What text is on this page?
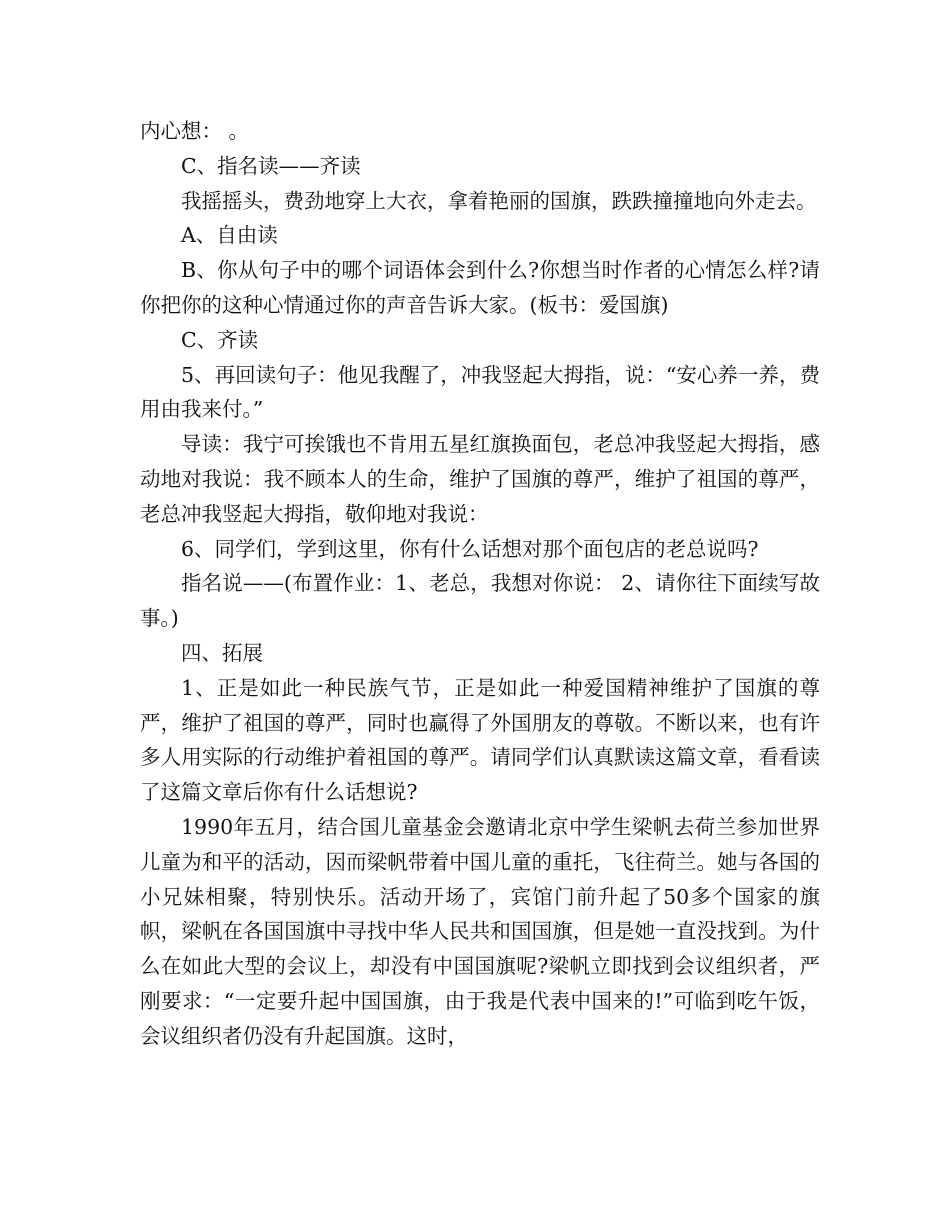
内心想： 。

C、指名读——齐读

我摇摇头，费劲地穿上大衣，拿着艳丽的国旗，跌跌撞撞地向外走去。

A、自由读

B、你从句子中的哪个词语体会到什么?你想当时作者的心情怎么样?请你把你的这种心情通过你的声音告诉大家。(板书：爱国旗)

C、齐读

5、再回读句子：他见我醒了，冲我竖起大拇指，说：“安心养一养，费用由我来付。”

导读：我宁可挨饿也不肯用五星红旗换面包，老总冲我竖起大拇指，感动地对我说：我不顾本人的生命，维护了国旗的尊严，维护了祖国的尊严，老总冲我竖起大拇指，敬仰地对我说：

6、同学们，学到这里，你有什么话想对那个面包店的老总说吗?

指名说——(布置作业：1、老总，我想对你说： 2、请你往下面续写故事。)

四、拓展

1、正是如此一种民族气节，正是如此一种爱国精神维护了国旗的尊严，维护了祖国的尊严，同时也赢得了外国朋友的尊敬。不断以来，也有许多人用实际的行动维护着祖国的尊严。请同学们认真默读这篇文章，看看读了这篇文章后你有什么话想说?

1990年五月，结合国儿童基金会邀请北京中学生梁帆去荷兰参加世界儿童为和平的活动，因而梁帆带着中国儿童的重托，飞往荷兰。她与各国的小兄妹相聚，特别快乐。活动开场了，宾馆门前升起了50多个国家的旗帜，梁帆在各国国旗中寻找中华人民共和国国旗，但是她一直没找到。为什么在如此大型的会议上，却没有中国国旗呢?梁帆立即找到会议组织者，严刚要求：“一定要升起中国国旗，由于我是代表中国来的!”可临到吃午饭，会议组织者仍没有升起国旗。这时，
